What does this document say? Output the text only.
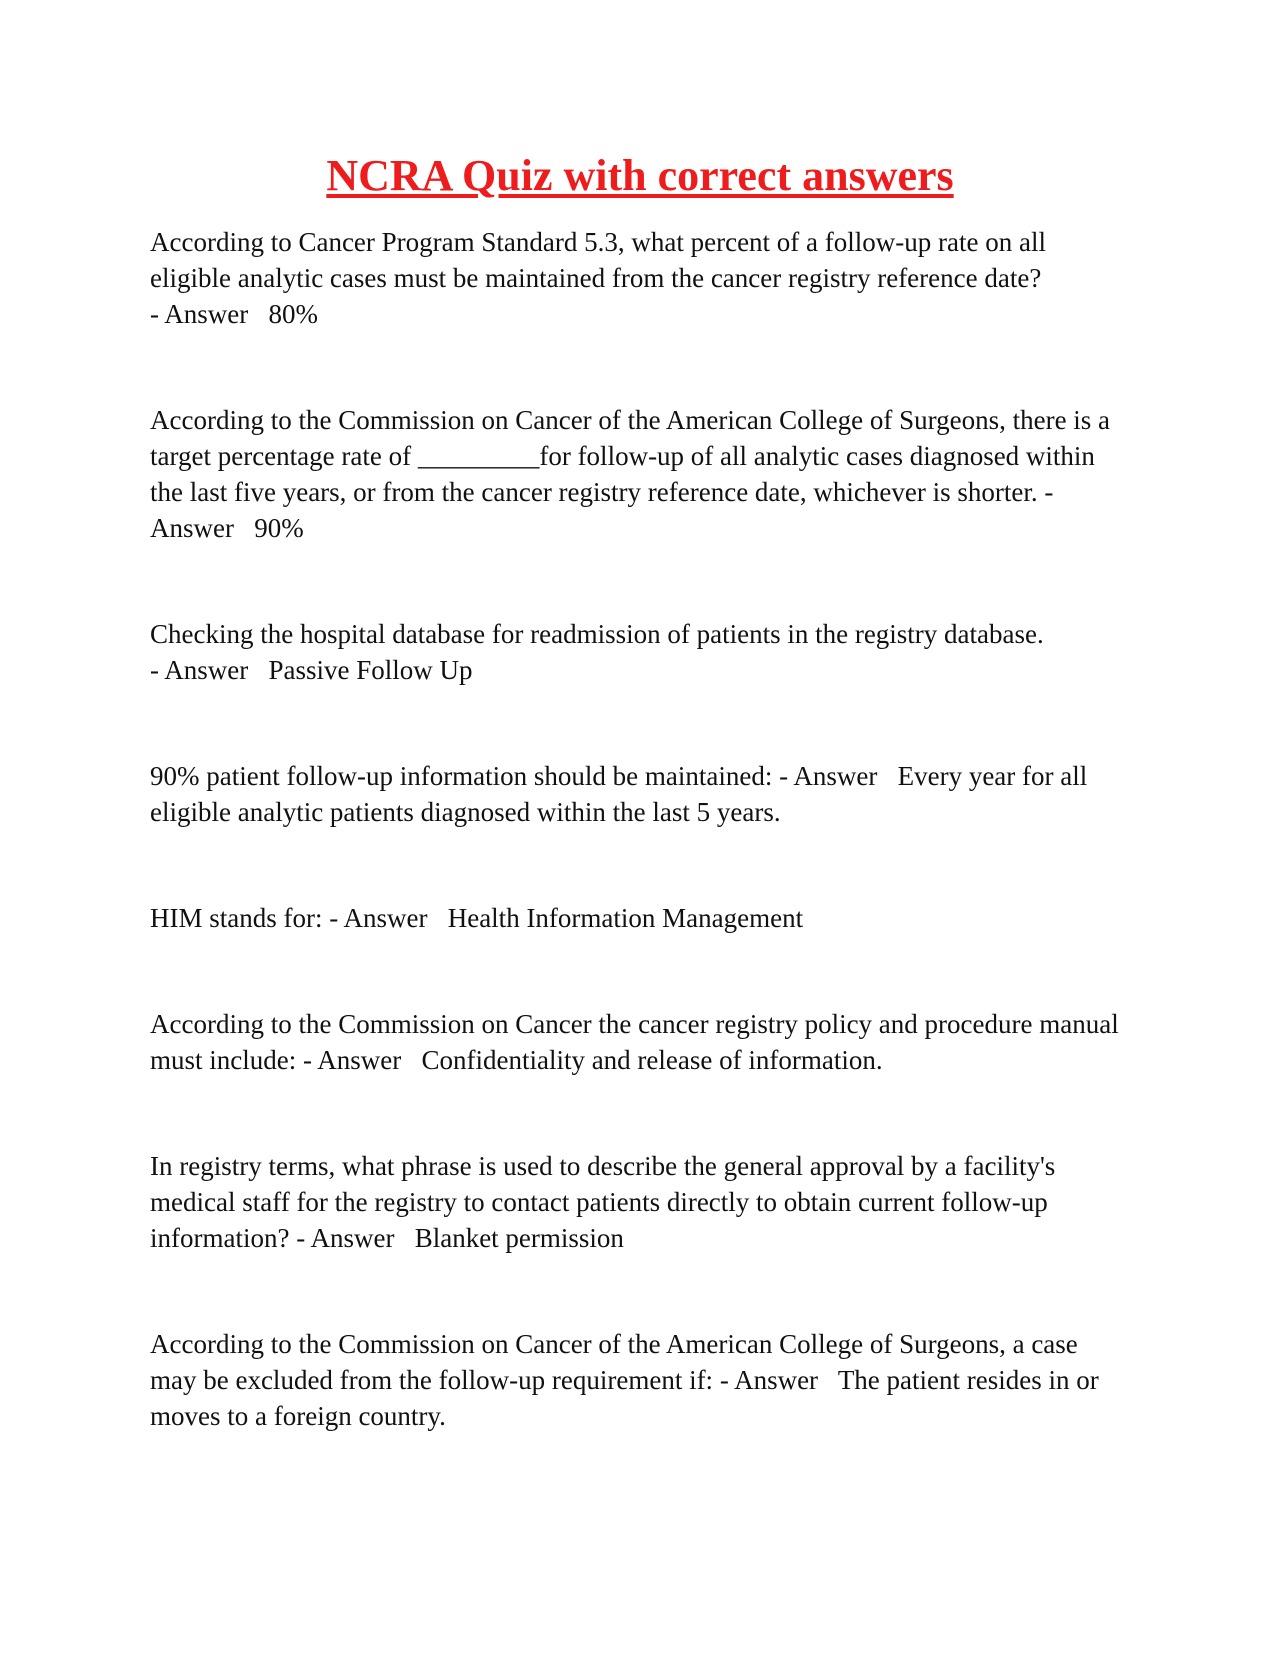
NCRA Quiz with correct answers

According to Cancer Program Standard 5.3, what percent of a follow-up rate on all eligible analytic cases must be maintained from the cancer registry reference date?
- Answer 80%

According to the Commission on Cancer of the American College of Surgeons, there is a target percentage rate of _________for follow-up of all analytic cases diagnosed within the last five years, or from the cancer registry reference date, whichever is shorter. - Answer 90%

Checking the hospital database for readmission of patients in the registry database.
- Answer Passive Follow Up

90% patient follow-up information should be maintained: - Answer Every year for all eligible analytic patients diagnosed within the last 5 years.

HIM stands for: - Answer Health Information Management

According to the Commission on Cancer the cancer registry policy and procedure manual must include: - Answer Confidentiality and release of information.

In registry terms, what phrase is used to describe the general approval by a facility's medical staff for the registry to contact patients directly to obtain current follow-up information? - Answer Blanket permission

According to the Commission on Cancer of the American College of Surgeons, a case may be excluded from the follow-up requirement if: - Answer The patient resides in or moves to a foreign country.
